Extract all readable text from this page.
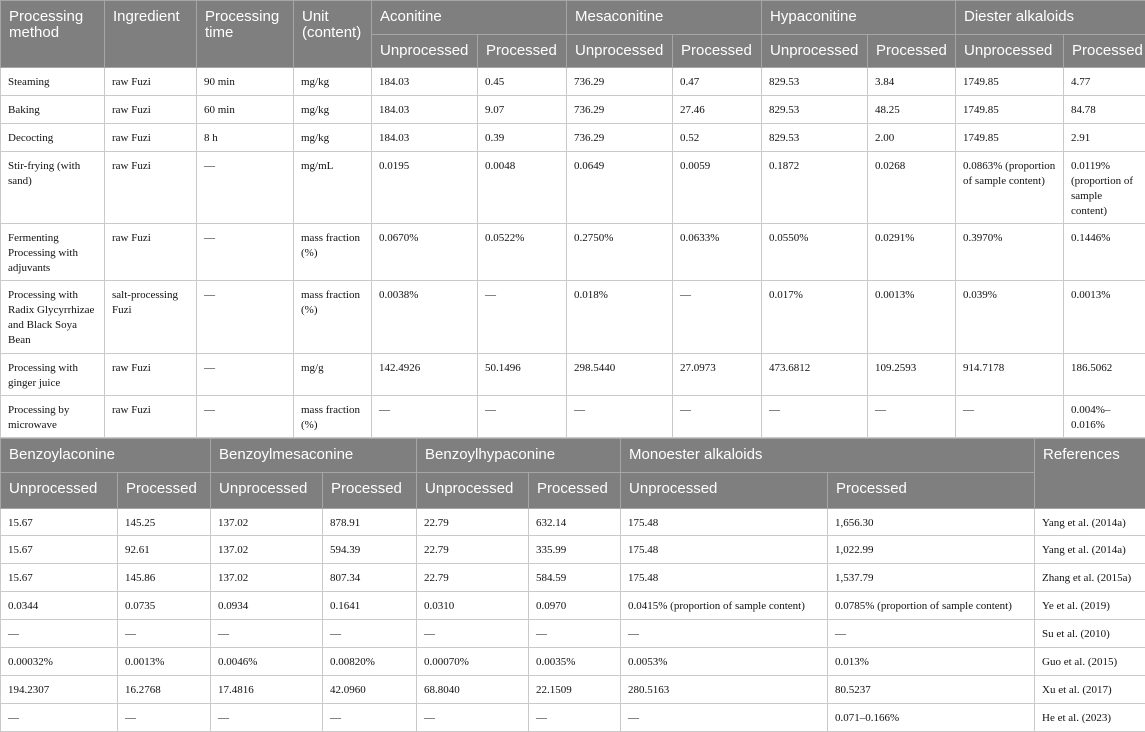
Processing method	Ingredient	Processing time	Unit (content)	Aconitine		Mesaconitine		Hypaconitine		Diester alkaloids	
				Unprocessed	Processed	Unprocessed	Processed	Unprocessed	Processed	Unprocessed	Processed
Steaming	raw Fuzi	90 min	mg/kg	184.03	0.45	736.29	0.47	829.53	3.84	1749.85	4.77
Baking	raw Fuzi	60 min	mg/kg	184.03	9.07	736.29	27.46	829.53	48.25	1749.85	84.78
Decocting	raw Fuzi	8 h	mg/kg	184.03	0.39	736.29	0.52	829.53	2.00	1749.85	2.91
Stir-frying (with sand)	raw Fuzi	—	mg/mL	0.0195	0.0048	0.0649	0.0059	0.1872	0.0268	0.0863% (proportion of sample content)	0.0119% (proportion of sample content)
Fermenting Processing with adjuvants	raw Fuzi	—	mass fraction (%)	0.0670%	0.0522%	0.2750%	0.0633%	0.0550%	0.0291%	0.3970%	0.1446%
Processing with Radix Glycyrrhizae and Black Soya Bean	salt-processing Fuzi	—	mass fraction (%)	0.0038%	—	0.018%	—	0.017%	0.0013%	0.039%	0.0013%
Processing with ginger juice	raw Fuzi	—	mg/g	142.4926	50.1496	298.5440	27.0973	473.6812	109.2593	914.7178	186.5062
Processing by microwave	raw Fuzi	—	mass fraction (%)	—	—	—	—	—	—	—	0.004%–0.016%
Benzoylaconine		Benzoylmesaconine		Benzoylhypaconine		Monoester alkaloids		References
Unprocessed	Processed	Unprocessed	Processed	Unprocessed	Processed	Unprocessed	Processed	
15.67	145.25	137.02	878.91	22.79	632.14	175.48	1,656.30	Yang et al. (2014a)
15.67	92.61	137.02	594.39	22.79	335.99	175.48	1,022.99	Yang et al. (2014a)
15.67	145.86	137.02	807.34	22.79	584.59	175.48	1,537.79	Zhang et al. (2015a)
0.0344	0.0735	0.0934	0.1641	0.0310	0.0970	0.0415% (proportion of sample content)	0.0785% (proportion of sample content)	Ye et al. (2019)
—	—	—	—	—	—	—	—	Su et al. (2010)
0.00032%	0.0013%	0.0046%	0.00820%	0.00070%	0.0035%	0.0053%	0.013%	Guo et al. (2015)
194.2307	16.2768	17.4816	42.0960	68.8040	22.1509	280.5163	80.5237	Xu et al. (2017)
—	—	—	—	—	—	—	0.071–0.166%	He et al. (2023)
